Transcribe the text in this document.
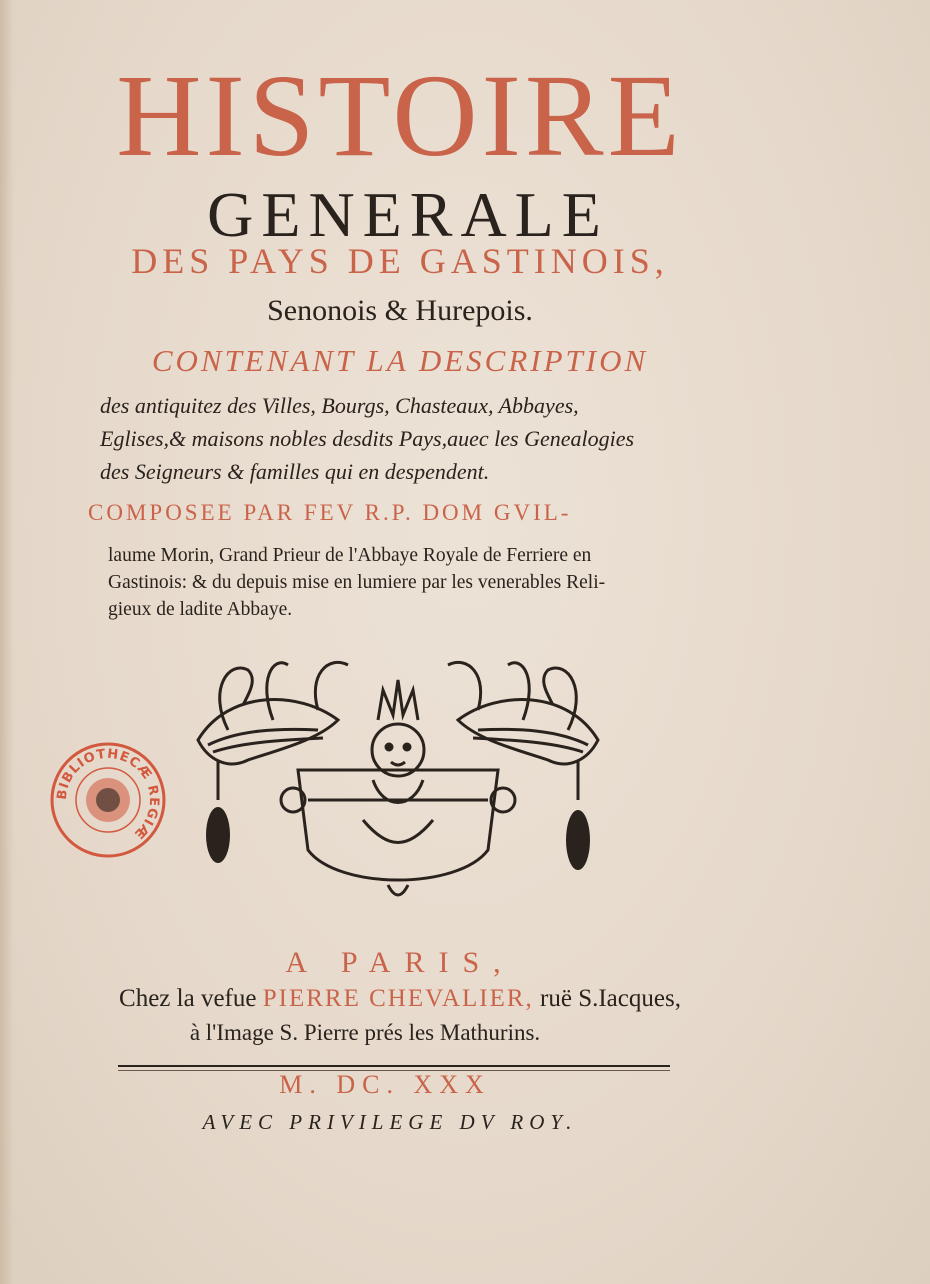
HISTOIRE
GENERALE
DES PAYS DE GASTINOIS,
Senonois & Hurepois.
CONTENANT LA DESCRIPTION
des antiquitez des Villes, Bourgs, Chasteaux, Abbayes,
Eglises,& maisons nobles desdits Pays,auec les Genealogies
des Seigneurs & familles qui en despendent.
COMPOSEE PAR FEV R.P. DOM GVIL-
laume Morin, Grand Prieur de l'Abbaye Royale de Ferriere en
Gastinois: & du depuis mise en lumiere par les venerables Reli-
gieux de ladite Abbaye.
BIBLIOTHECÆ REGIÆ
A PARIS,
Chez la vefue PIERRE CHEVALIER, ruë S.Iacques,
à l'Image S. Pierre prés les Mathurins.
M. DC. XXX
AVEC PRIVILEGE DV ROY.
